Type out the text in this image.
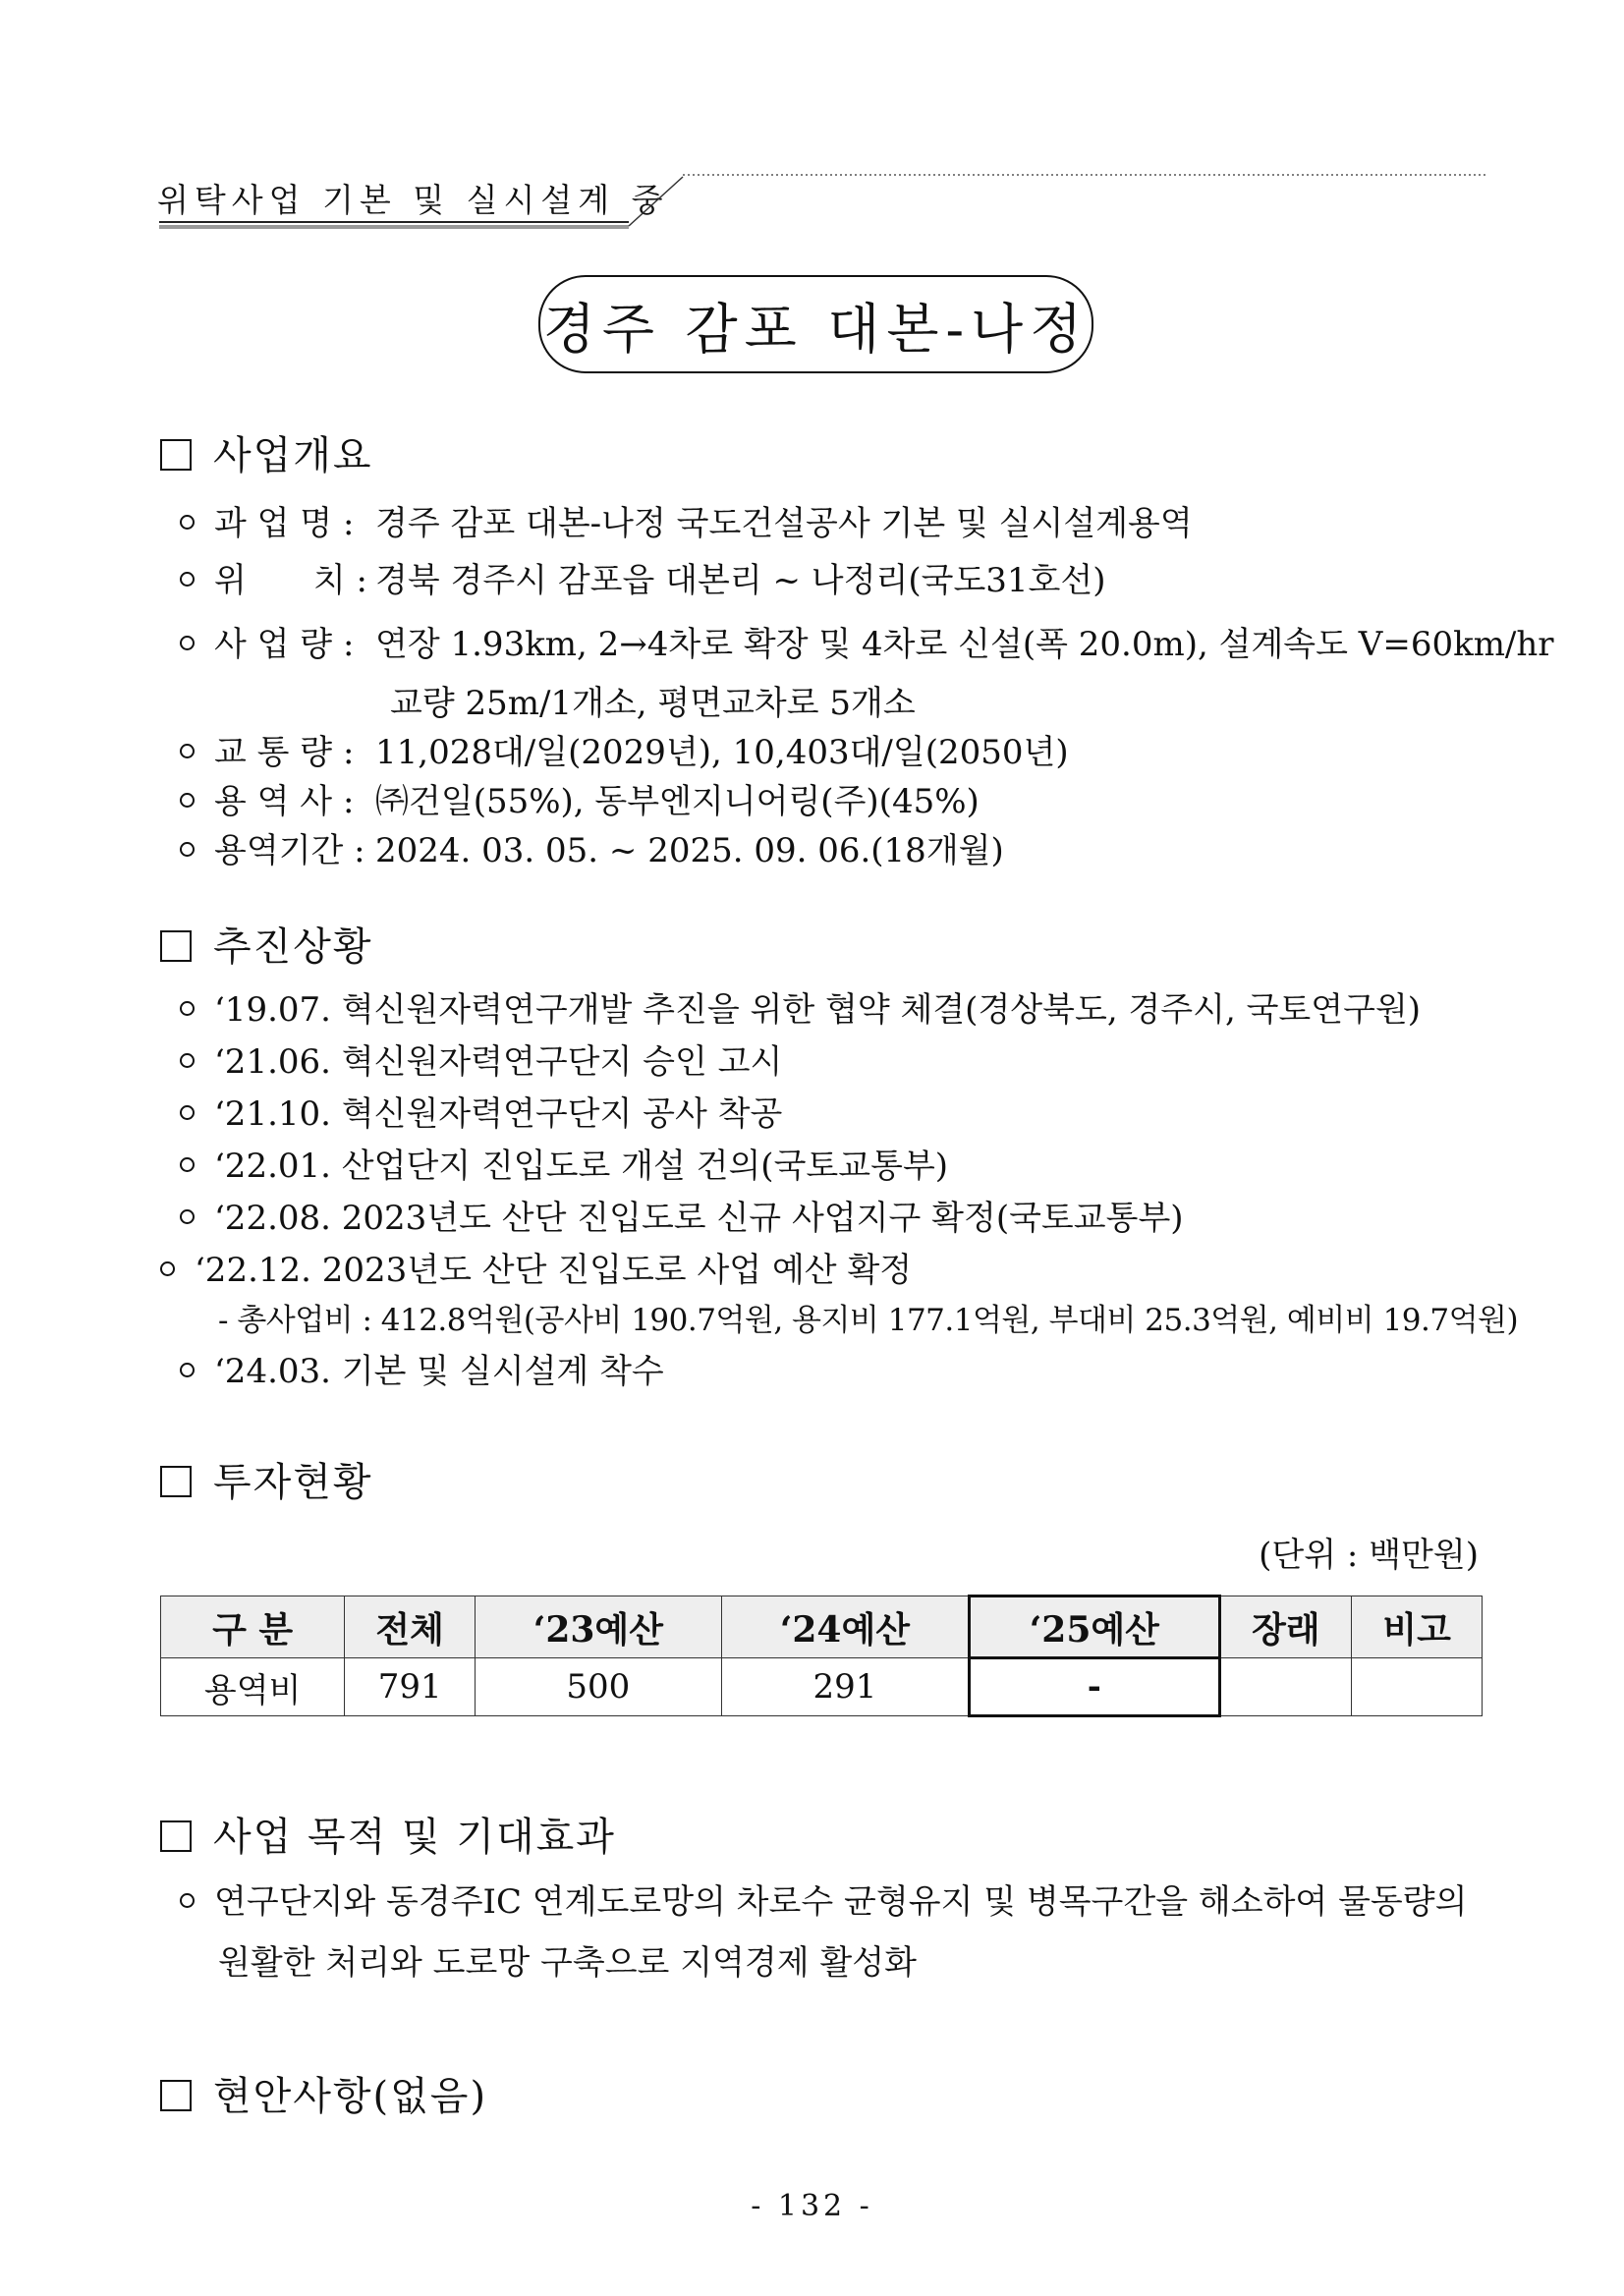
위탁사업 기본 및 실시설계 중
경주 감포 대본-나정
사업개요
과 업 명 : 경주 감포 대본-나정 국도건설공사 기본 및 실시설계용역
위　　치 : 경북 경주시 감포읍 대본리 ~ 나정리(국도31호선)
사 업 량 : 연장 1.93km, 2→4차로 확장 및 4차로 신설(폭 20.0m), 설계속도 V=60km/hr
교량 25m/1개소, 평면교차로 5개소
교 통 량 : 11,028대/일(2029년), 10,403대/일(2050년)
용 역 사 : ㈜건일(55%), 동부엔지니어링(주)(45%)
용역기간 : 2024. 03. 05. ~ 2025. 09. 06.(18개월)
추진상황
‘19.07. 혁신원자력연구개발 추진을 위한 협약 체결(경상북도, 경주시, 국토연구원)
‘21.06. 혁신원자력연구단지 승인 고시
‘21.10. 혁신원자력연구단지 공사 착공
‘22.01. 산업단지 진입도로 개설 건의(국토교통부)
‘22.08. 2023년도 산단 진입도로 신규 사업지구 확정(국토교통부)
‘22.12. 2023년도 산단 진입도로 사업 예산 확정
- 총사업비 : 412.8억원(공사비 190.7억원, 용지비 177.1억원, 부대비 25.3억원, 예비비 19.7억원)
‘24.03. 기본 및 실시설계 착수
투자현황
(단위 : 백만원)
구 분	전체	‘23예산	‘24예산	‘25예산	장래	비고
용역비	791	500	291	-		
사업 목적 및 기대효과
연구단지와 동경주IC 연계도로망의 차로수 균형유지 및 병목구간을 해소하여 물동량의
원활한 처리와 도로망 구축으로 지역경제 활성화
현안사항(없음)
- 132 -
